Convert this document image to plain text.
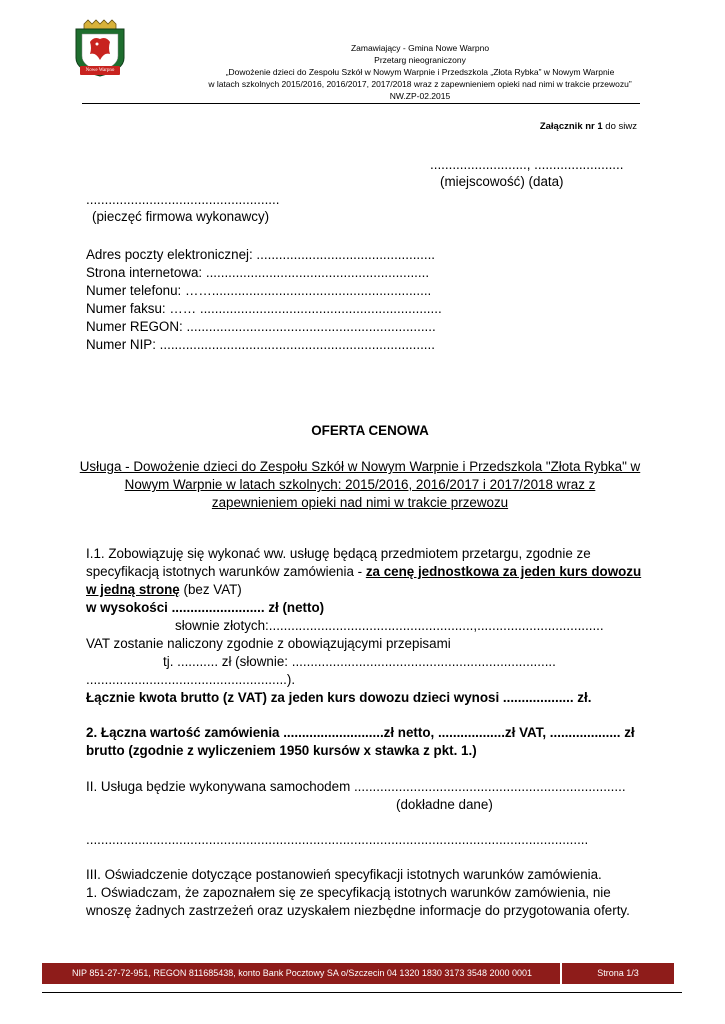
Nowe Warpno
Zamawiający - Gmina Nowe Warpno
Przetarg nieograniczony
„Dowożenie dzieci do Zespołu Szkół w Nowym Warpnie i Przedszkola „Złota Rybka” w Nowym Warpnie
w latach szkolnych 2015/2016, 2016/2017, 2017/2018 wraz z zapewnieniem opieki nad nimi w trakcie przewozu”
NW.ZP-02.2015
Załącznik nr 1 do siwz
.........................., ........................
(miejscowość) (data)
....................................................
(pieczęć firmowa wykonawcy)
Adres poczty elektronicznej: ................................................
Strona internetowa: ............................................................
Numer telefonu: ……...........................................................
Numer faksu: …… .................................................................
Numer REGON: ...................................................................
Numer NIP: ..........................................................................
OFERTA CENOWA
Usługa - Dowożenie dzieci do Zespołu Szkół w Nowym Warpnie i Przedszkola "Złota Rybka" w
Nowym Warpnie w latach szkolnych: 2015/2016, 2016/2017 i 2017/2018 wraz z
zapewnieniem opieki nad nimi w trakcie przewozu
I.1. Zobowiązuję się wykonać ww. usługę będącą przedmiotem przetargu, zgodnie ze
specyfikacją istotnych warunków zamówienia - za cenę jednostkowa za jeden kurs dowozu
w jedną stronę (bez VAT)
w wysokości ......................... zł (netto)
słownie złotych:.......................................................,..................................
VAT zostanie naliczony zgodnie z obowiązującymi przepisami
tj. ........... zł (słownie: .......................................................................
......................................................).
Łącznie kwota brutto (z VAT) za jeden kurs dowozu dzieci wynosi ................... zł.
2. Łączna wartość zamówienia ...........................zł netto, ..................zł VAT, ................... zł
brutto (zgodnie z wyliczeniem 1950 kursów x stawka z pkt. 1.)
II. Usługa będzie wykonywana samochodem .........................................................................
(dokładne dane)
.......................................................................................................................................
III. Oświadczenie dotyczące postanowień specyfikacji istotnych warunków zamówienia.
1. Oświadczam, że zapoznałem się ze specyfikacją istotnych warunków zamówienia, nie
wnoszę żadnych zastrzeżeń oraz uzyskałem niezbędne informacje do przygotowania oferty.
NIP 851-27-72-951, REGON 811685438, konto Bank Pocztowy SA o/Szczecin 04 1320 1830 3173 3548 2000 0001	Strona 1/3
